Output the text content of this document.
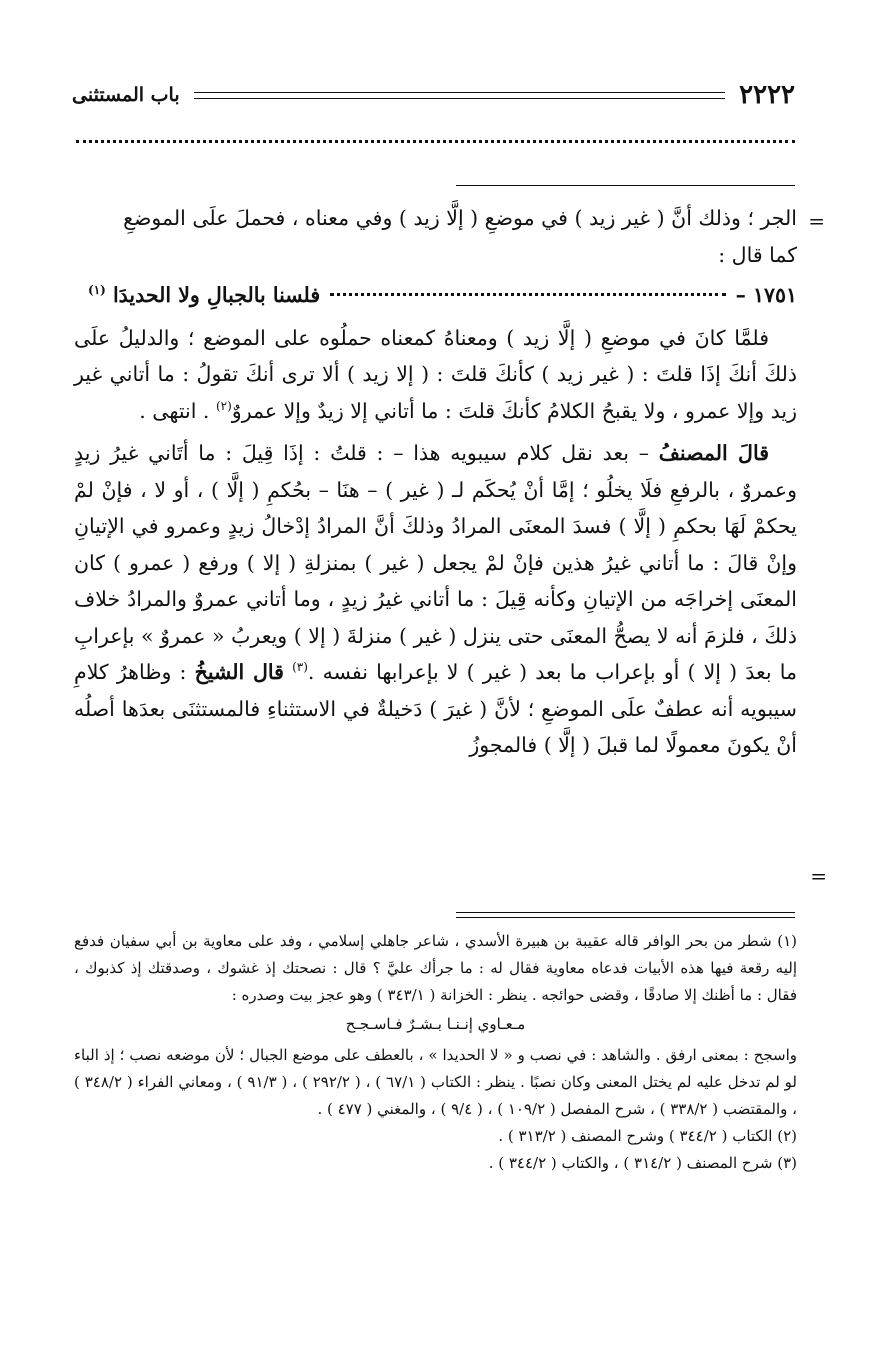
٢٢٢٢
باب المستثنى
=
=

الجر ؛ وذلك أنَّ ( غير زيد ) في موضعِ ( إلَّا زيد ) وفي معناه ، فحملَ علَى الموضعِ
كما قال :

١٧٥١ –
فلسنا بالجبالِ ولا الحديدَا $^{(١)}$

فلمَّا كانَ في موضعِ ( إلَّا زيد ) ومعناهُ كمعناه حملُوه على الموضع ؛ والدليلُ علَى ذلكَ أنكَ إذَا قلتَ : ( غير زيد ) كأنكَ قلتَ : ( إلا زيد ) ألا ترى أنكَ تقولُ : ما أتاني غير زيد وإلا عمرو ، ولا يقبحُ الكلامُ كأنكَ قلتَ : ما أتاني إلا زيدٌ وإلا عمروٌ$^{(٢)}$ . انتهى .

قالَ المصنفُ – بعد نقل كلام سيبويه هذا – : قلتُ : إذَا قِيلَ : ما أتَاني غيرُ زيدٍ وعمروٌ ، بالرفعِ فلَا يخلُو ؛ إمَّا أنْ يُحكَم لـ ( غير ) – هنَا – بحُكمِ ( إلَّا ) ، أو لا ، فإنْ لمْ يحكمْ لَهَا بحكمِ ( إلَّا ) فسدَ المعنَى المرادُ وذلكَ أنَّ المرادُ إدْخالُ زيدٍ وعمرو في الإتيانِ وإنْ قالَ : ما أتاني غيرُ هذين فإنْ لمْ يجعل ( غير ) بمنزلةِ ( إلا ) ورفع ( عمرو ) كان المعنَى إخراجَه من الإتيانِ وكأنه قِيلَ : ما أتاني غيرُ زيدٍ ، وما أتاني عمروٌ والمرادُ خلاف ذلكَ ، فلزمَ أنه لا يصحُّ المعنَى حتى ينزل ( غير ) منزلةَ ( إلا ) ويعربُ « عمروٌ » بإعرابِ ما بعدَ ( إلا ) أو بإعراب ما بعد ( غير ) لا بإعرابها نفسه .$^{(٣)}$ قال الشيخُ : وظاهرُ كلامِ سيبويه أنه عطفٌ علَى الموضعِ ؛ لأنَّ ( غيرَ ) دَخيلةٌ في الاستثناءِ فالمستثنَى بعدَها أصلُه أنْ يكونَ معمولًا لما قبلَ ( إلَّا ) فالمجوزُ

(١) شطر من بحر الوافر قاله عقيبة بن هبيرة الأسدي ، شاعر جاهلي إسلامي ، وفد على معاوية بن أبي سفيان فدفع إليه رقعة فيها هذه الأبيات فدعاه معاوية فقال له : ما جرأك عليَّ ؟ قال : نصحتك إذ غشوك ، وصدقتك إذ كذبوك ، فقال : ما أظنك إلا صادقًا ، وقضى حوائجه . ينظر : الخزانة ( ٣٤٣/١ ) وهو عجز بيت وصدره :

مـعـاوي إنـنـا بـشـرٌ فـاسـجـح

واسجح : بمعنى ارفق . والشاهد : في نصب و « لا الحديدا » ، بالعطف على موضع الجبال ؛ لأن موضعه نصب ؛ إذ الباء لو لم تدخل عليه لم يختل المعنى وكان نصبًا . ينظر : الكتاب ( ٦٧/١ ) ، ( ٢٩٢/٢ ) ، ( ٩١/٣ ) ، ومعاني الفراء ( ٣٤٨/٢ ) ، والمقتضب ( ٣٣٨/٢ ) ، شرح المفصل ( ١٠٩/٢ ) ، ( ٩/٤ ) ، والمغني ( ٤٧٧ ) .

(٢) الكتاب ( ٣٤٤/٢ ) وشرح المصنف ( ٣١٣/٢ ) .

(٣) شرح المصنف ( ٣١٤/٢ ) ، والكتاب ( ٣٤٤/٢ ) .
